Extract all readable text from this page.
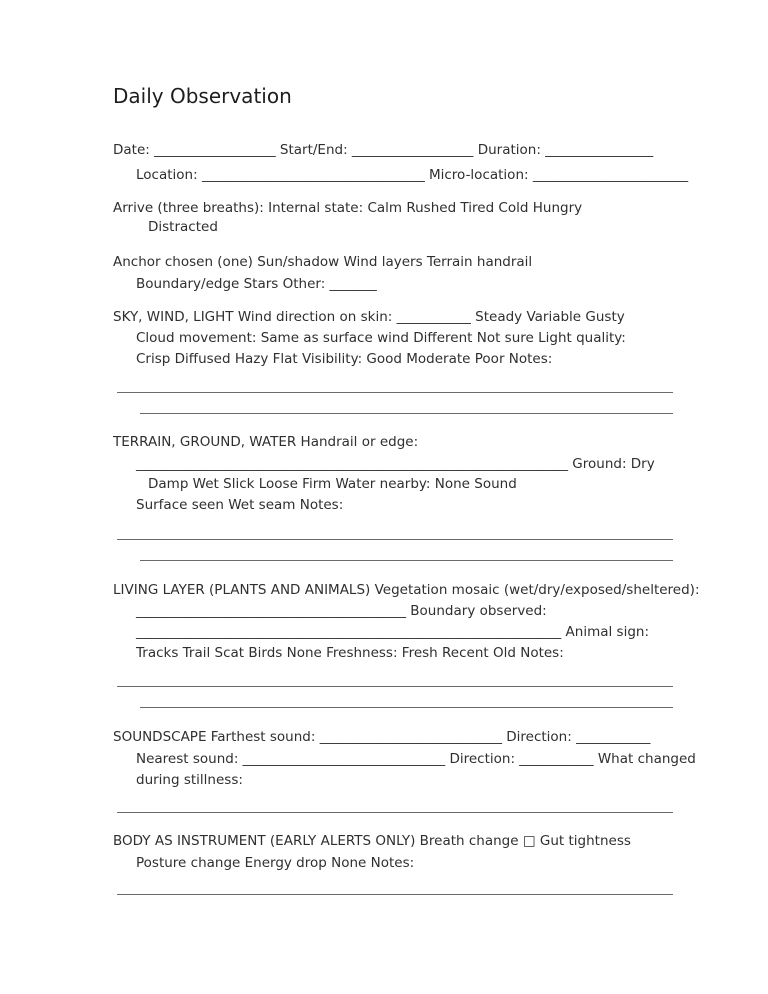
Daily Observation
Date: __________________ Start/End: __________________ Duration: ________________
Location: _________________________________ Micro-location: _______________________
Arrive (three breaths): Internal state: Calm Rushed Tired Cold Hungry
Distracted
Anchor chosen (one) Sun/shadow Wind layers Terrain handrail
Boundary/edge Stars Other: _______
SKY, WIND, LIGHT Wind direction on skin: ___________ Steady Variable Gusty
Cloud movement: Same as surface wind Different Not sure Light quality:
Crisp Diffused Hazy Flat Visibility: Good Moderate Poor Notes:
TERRAIN, GROUND, WATER Handrail or edge:
________________________________________________________________ Ground: Dry
Damp Wet Slick Loose Firm Water nearby: None Sound
Surface seen Wet seam Notes:
LIVING LAYER (PLANTS AND ANIMALS) Vegetation mosaic (wet/dry/exposed/sheltered):
________________________________________ Boundary observed:
_______________________________________________________________ Animal sign:
Tracks Trail Scat Birds None Freshness: Fresh Recent Old Notes:
SOUNDSCAPE Farthest sound: ___________________________ Direction: ___________
Nearest sound: ______________________________ Direction: ___________ What changed
during stillness:
BODY AS INSTRUMENT (EARLY ALERTS ONLY) Breath change □ Gut tightness
Posture change Energy drop None Notes:
